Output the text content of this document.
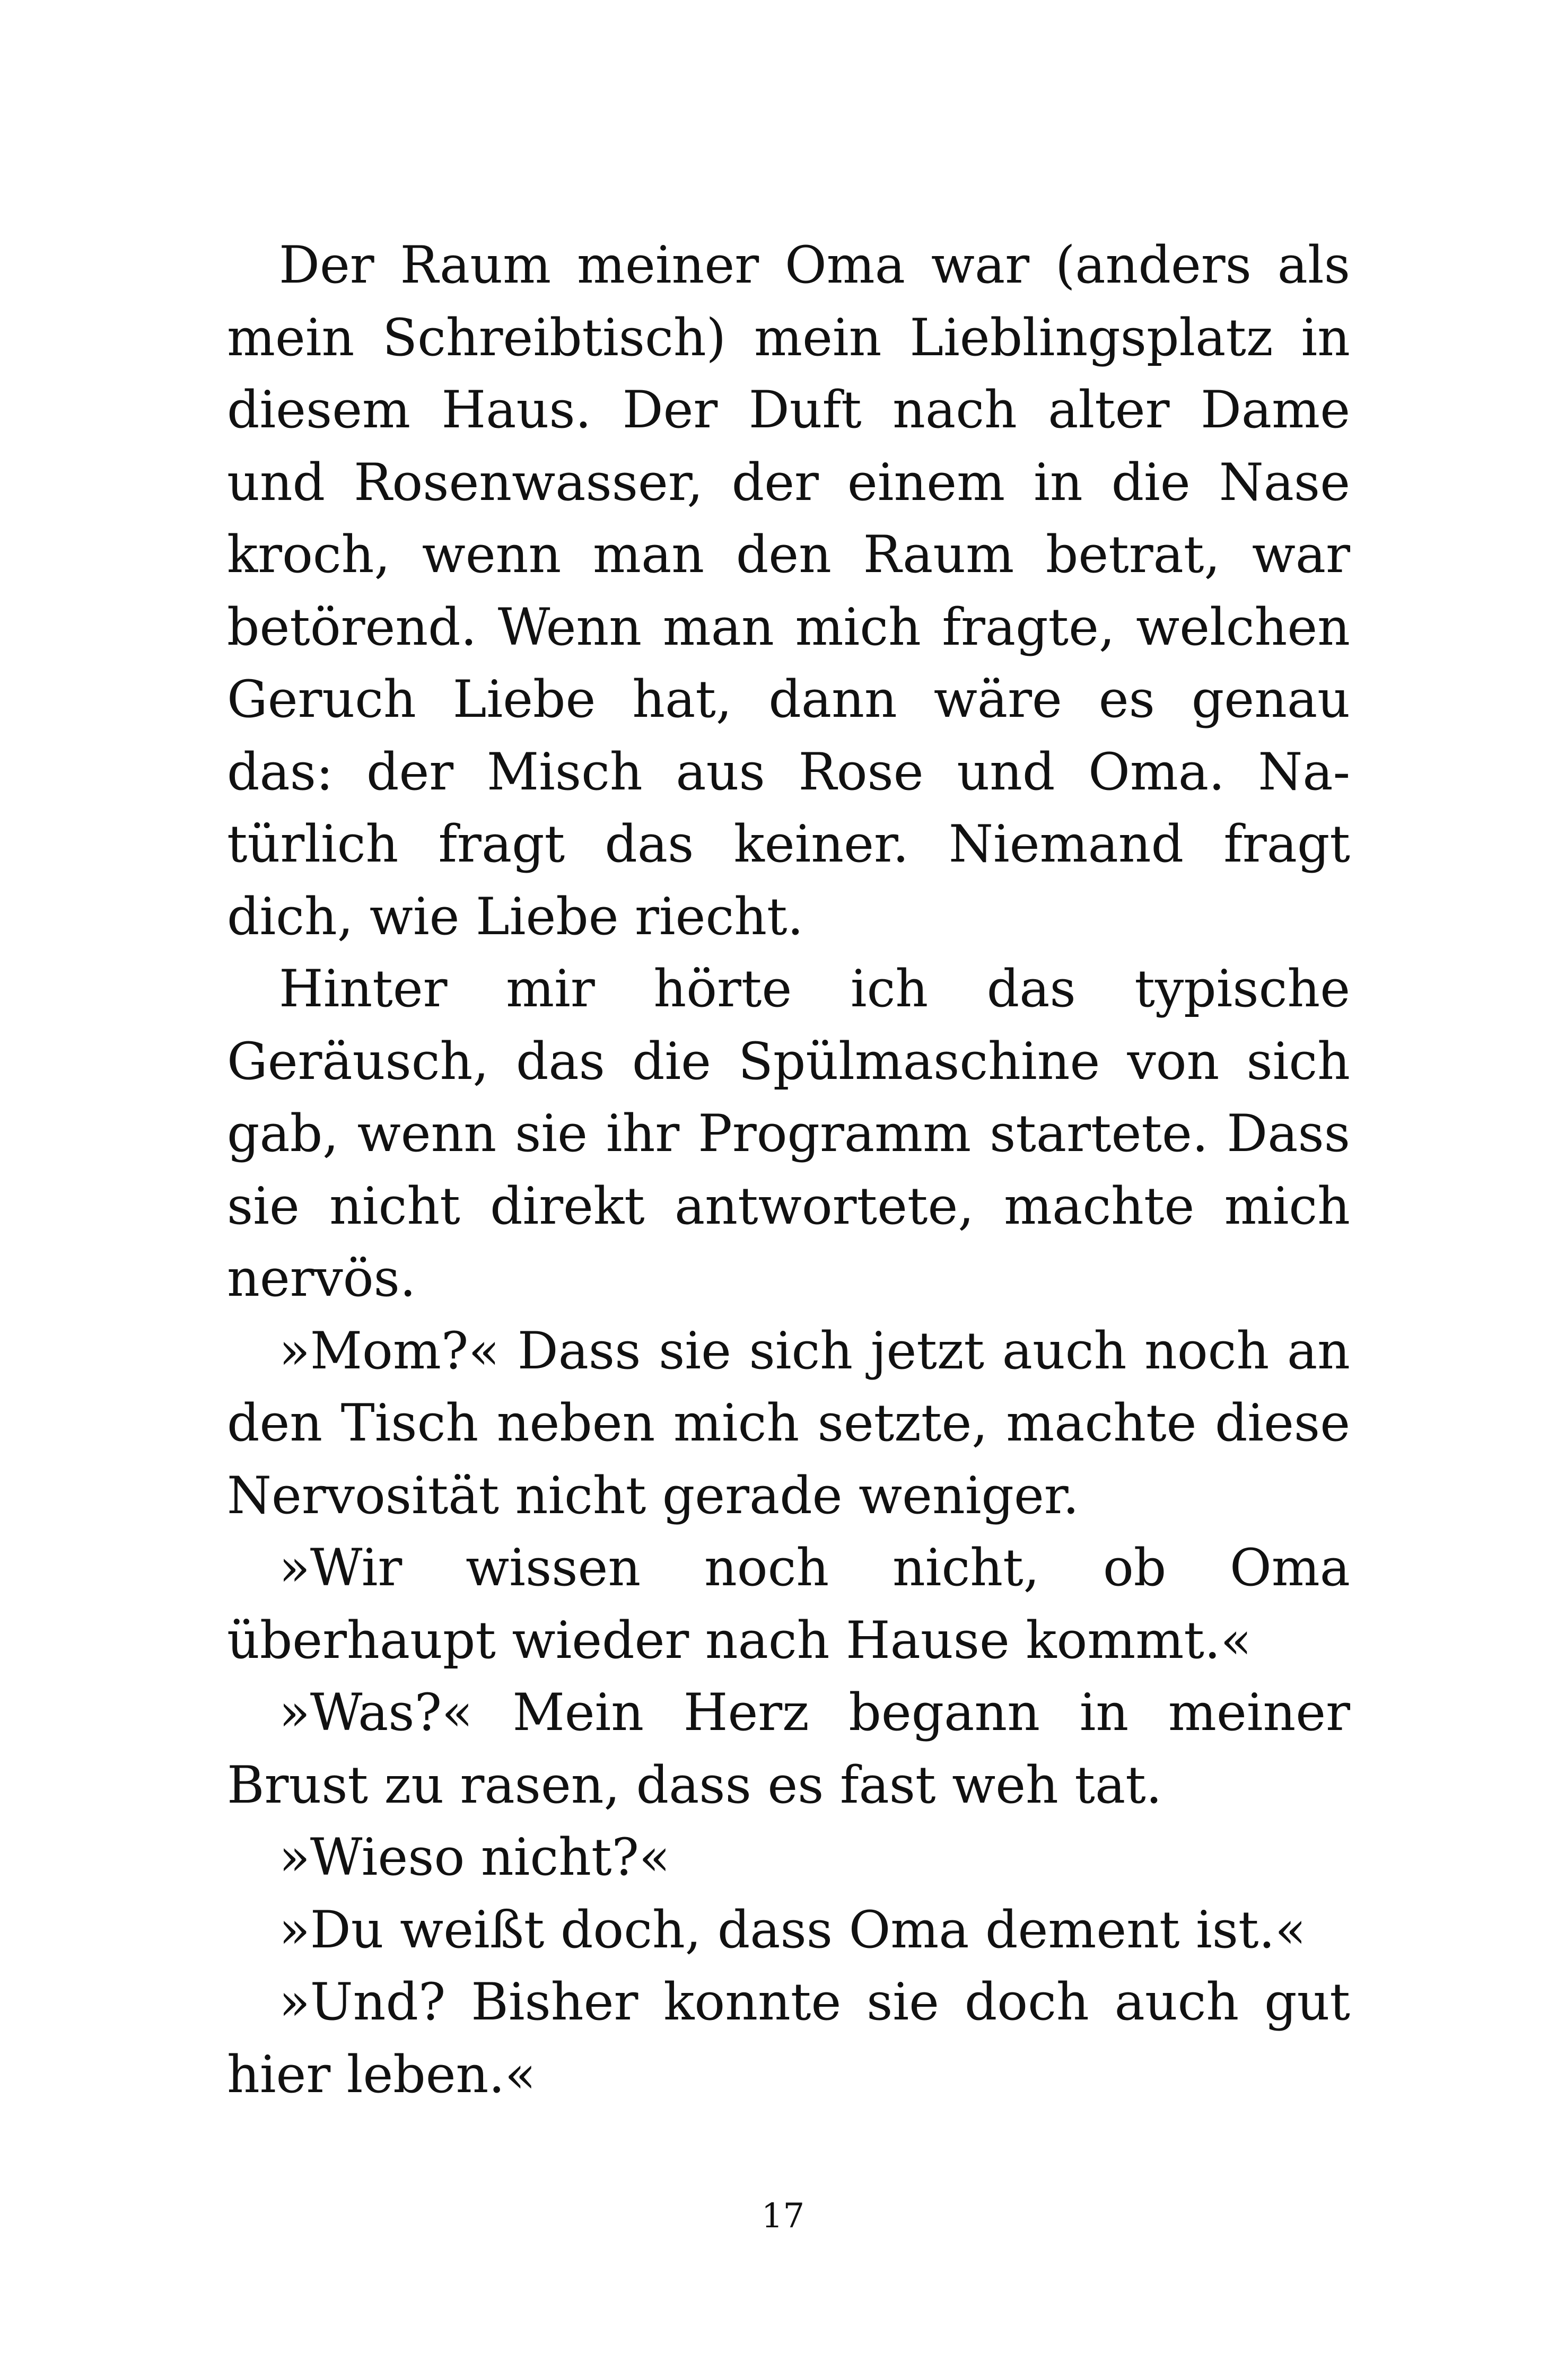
Der Raum meiner Oma war (anders als mein Schreibtisch) mein Lieblingsplatz in diesem Haus. Der Duft nach alter Dame und Rosenwasser, der einem in die Nase kroch, wenn man den Raum betrat, war betörend. Wenn man mich fragte, welchen Geruch Liebe hat, dann wäre es genau das: der Misch aus Rose und Oma. Natürlich fragt das keiner. Niemand fragt dich, wie Liebe riecht.

Hinter mir hörte ich das typische Geräusch, das die Spülmaschine von sich gab, wenn sie ihr Programm startete. Dass sie nicht direkt antwortete, machte mich nervös.

»Mom?« Dass sie sich jetzt auch noch an den Tisch neben mich setzte, machte diese Nervosität nicht gerade weniger.

»Wir wissen noch nicht, ob Oma überhaupt wieder nach Hause kommt.«

»Was?« Mein Herz begann in meiner Brust zu rasen, dass es fast weh tat.

»Wieso nicht?«

»Du weißt doch, dass Oma dement ist.«

»Und? Bisher konnte sie doch auch gut hier leben.«

17
